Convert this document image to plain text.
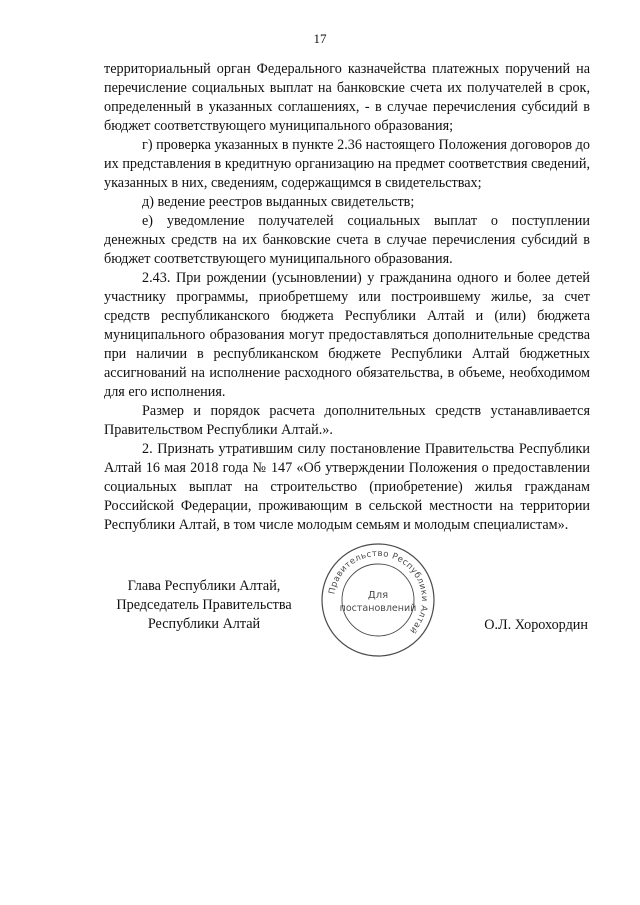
17

территориальный орган Федерального казначейства платежных поручений на перечисление социальных выплат на банковские счета их получателей в срок, определенный в указанных соглашениях, - в случае перечисления субсидий в бюджет соответствующего муниципального образования;

г) проверка указанных в пункте 2.36 настоящего Положения договоров до их представления в кредитную организацию на предмет соответствия сведений, указанных в них, сведениям, содержащимся в свидетельствах;

д) ведение реестров выданных свидетельств;

е) уведомление получателей социальных выплат о поступлении денежных средств на их банковские счета в случае перечисления субсидий в бюджет соответствующего муниципального образования.

2.43. При рождении (усыновлении) у гражданина одного и более детей участнику программы, приобретшему или построившему жилье, за счет средств республиканского бюджета Республики Алтай и (или) бюджета муниципального образования могут предоставляться дополнительные средства при наличии в республиканском бюджете Республики Алтай бюджетных ассигнований на исполнение расходного обязательства, в объеме, необходимом для его исполнения.

Размер и порядок расчета дополнительных средств устанавливается Правительством Республики Алтай.».

2. Признать утратившим силу постановление Правительства Республики Алтай 16 мая 2018 года № 147 «Об утверждении Положения о предоставлении социальных выплат на строительство (приобретение) жилья гражданам Российской Федерации, проживающим в сельской местности на территории Республики Алтай, в том числе молодым семьям и молодым специалистам».

Глава Республики Алтай,
Председатель Правительства
Республики Алтай	О.Л. Хорохордин
Правительство Республики Алтай
Для
постановлений
